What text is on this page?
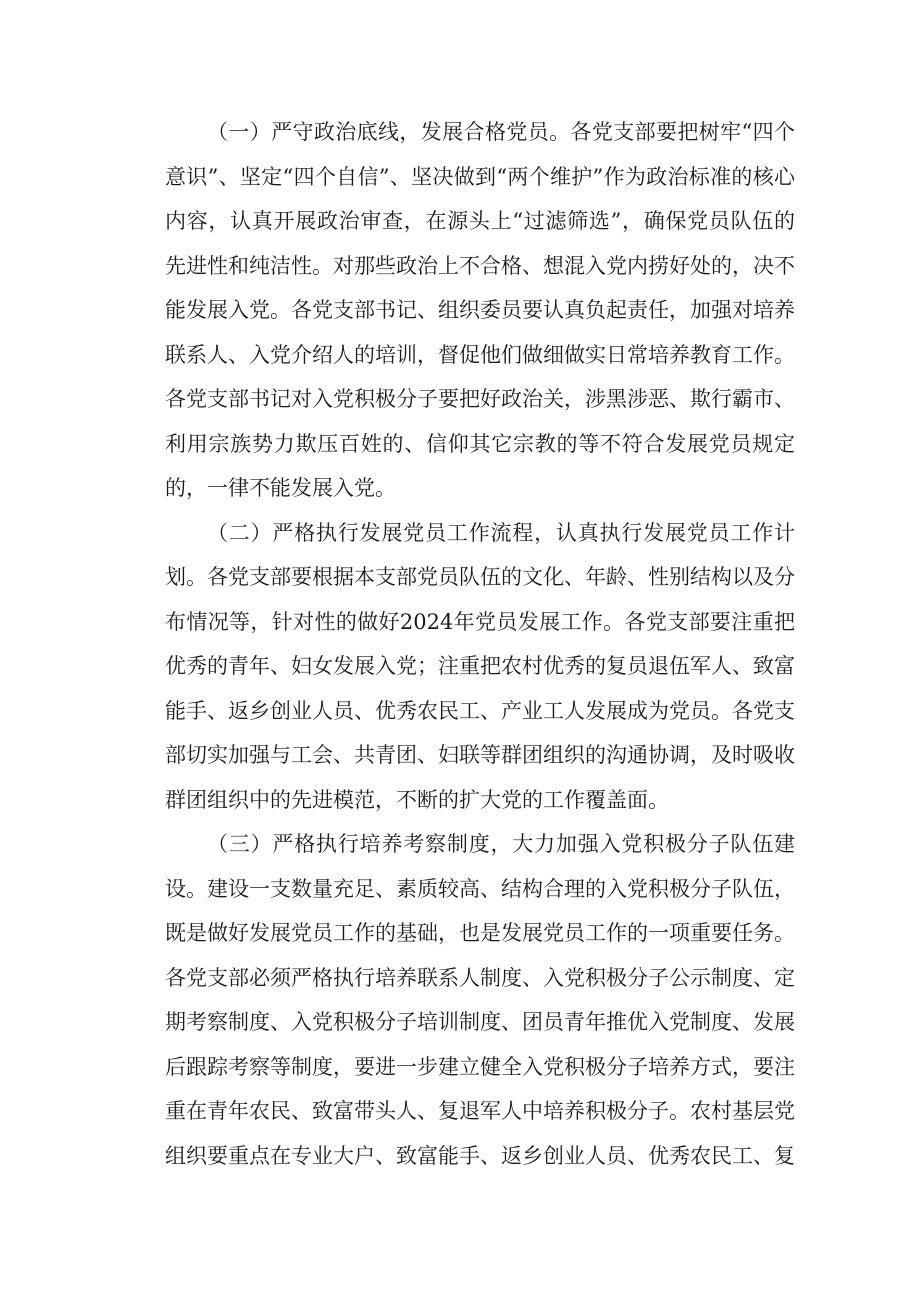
（一）严守政治底线，发展合格党员。各党支部要把树牢“四个意识”、坚定“四个自信”、坚决做到“两个维护”作为政治标准的核心内容，认真开展政治审查，在源头上“过滤筛选”，确保党员队伍的先进性和纯洁性。对那些政治上不合格、想混入党内捞好处的，决不能发展入党。各党支部书记、组织委员要认真负起责任，加强对培养联系人、入党介绍人的培训，督促他们做细做实日常培养教育工作。各党支部书记对入党积极分子要把好政治关，涉黑涉恶、欺行霸市、利用宗族势力欺压百姓的、信仰其它宗教的等不符合发展党员规定的，一律不能发展入党。

（二）严格执行发展党员工作流程，认真执行发展党员工作计划。各党支部要根据本支部党员队伍的文化、年龄、性别结构以及分布情况等，针对性的做好2024年党员发展工作。各党支部要注重把优秀的青年、妇女发展入党；注重把农村优秀的复员退伍军人、致富能手、返乡创业人员、优秀农民工、产业工人发展成为党员。各党支部切实加强与工会、共青团、妇联等群团组织的沟通协调，及时吸收群团组织中的先进模范，不断的扩大党的工作覆盖面。

（三）严格执行培养考察制度，大力加强入党积极分子队伍建设。建设一支数量充足、素质较高、结构合理的入党积极分子队伍，既是做好发展党员工作的基础，也是发展党员工作的一项重要任务。各党支部必须严格执行培养联系人制度、入党积极分子公示制度、定期考察制度、入党积极分子培训制度、团员青年推优入党制度、发展后跟踪考察等制度，要进一步建立健全入党积极分子培养方式，要注重在青年农民、致富带头人、复退军人中培养积极分子。农村基层党组织要重点在专业大户、致富能手、返乡创业人员、优秀农民工、复
